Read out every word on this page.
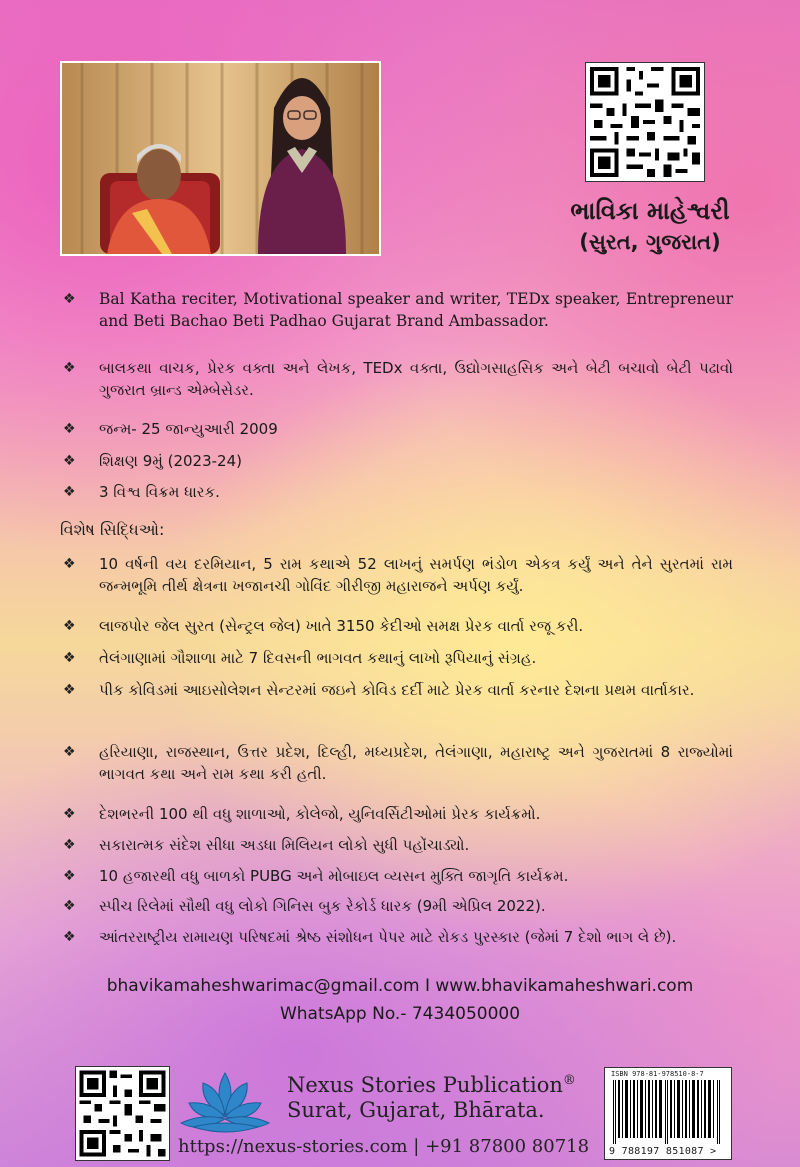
ભાવિકા માહેશ્વરી
(સુરત, ગુજરાત)
❖ Bal Katha reciter, Motivational speaker and writer, TEDx speaker, Entrepreneur and Beti Bachao Beti Padhao Gujarat Brand Ambassador.
❖ બાલકથા વાચક, પ્રેરક વક્તા અને લેખક, TEDx વક્તા, ઉદ્યોગસાહસિક અને બેટી બચાવો બેટી પઢાવો ગુજરાત બ્રાન્ડ એમ્બેસેડર.
❖ જન્મ- 25 જાન્યુઆરી 2009
❖ શિક્ષણ 9મું (2023-24)
❖ 3 વિશ્વ વિક્રમ ધારક.
વિશેષ સિદ્ધિઓ:
❖ 10 વર્ષની વય દરમિયાન, 5 રામ કથાએ 52 લાખનું સમર્પણ ભંડોળ એકત્ર કર્યું અને તેને સુરતમાં રામ જન્મભૂમિ તીર્થ ક્ષેત્રના ખજાનચી ગોવિંદ ગીરીજી મહારાજને અર્પણ કર્યું.
❖ લાજપોર જેલ સુરત (સેન્ટ્રલ જેલ) ખાતે 3150 કેદીઓ સમક્ષ પ્રેરક વાર્તા રજૂ કરી.
❖ તેલંગાણામાં ગૌશાળા માટે 7 દિવસની ભાગવત કથાનું લાખો રૂપિયાનું સંગ્રહ.
❖ પીક કોવિડમાં આઇસોલેશન સેન્ટરમાં જઇને કોવિડ દર્દી માટે પ્રેરક વાર્તા કરનાર દેશના પ્રથમ વાર્તાકાર.
❖ હરિયાણા, રાજસ્થાન, ઉત્તર પ્રદેશ, દિલ્હી, મધ્યપ્રદેશ, તેલંગાણા, મહારાષ્ટ્ર અને ગુજરાતમાં 8 રાજ્યોમાં ભાગવત કથા અને રામ કથા કરી હતી.
❖ દેશભરની 100 થી વધુ શાળાઓ, કોલેજો, યુનિવર્સિટીઓમાં પ્રેરક કાર્યક્રમો.
❖ સકારાત્મક સંદેશ સીધા અડધા મિલિયન લોકો સુધી પહોંચાડ્યો.
❖ 10 હજારથી વધુ બાળકો PUBG અને મોબાઇલ વ્યસન મુક્તિ જાગૃતિ કાર્યક્રમ.
❖ સ્પીચ રિલેમાં સૌથી વધુ લોકો ગિનિસ બુક રેકોર્ડ ધારક (9મી એપ્રિલ 2022).
❖ આંતરરાષ્ટ્રીય રામાયણ પરિષદમાં શ્રેષ્ઠ સંશોધન પેપર માટે રોકડ પુરસ્કાર (જેમાં 7 દેશો ભાગ લે છે).
bhavikamaheshwarimac@gmail.com I www.bhavikamaheshwari.com
WhatsApp No.- 7434050000
Nexus Stories Publication®
Surat, Gujarat, Bhārata.
https://nexus-stories.com | +91 87800 80718
ISBN 978-81-978510-8-7
9 788197 851087 >
